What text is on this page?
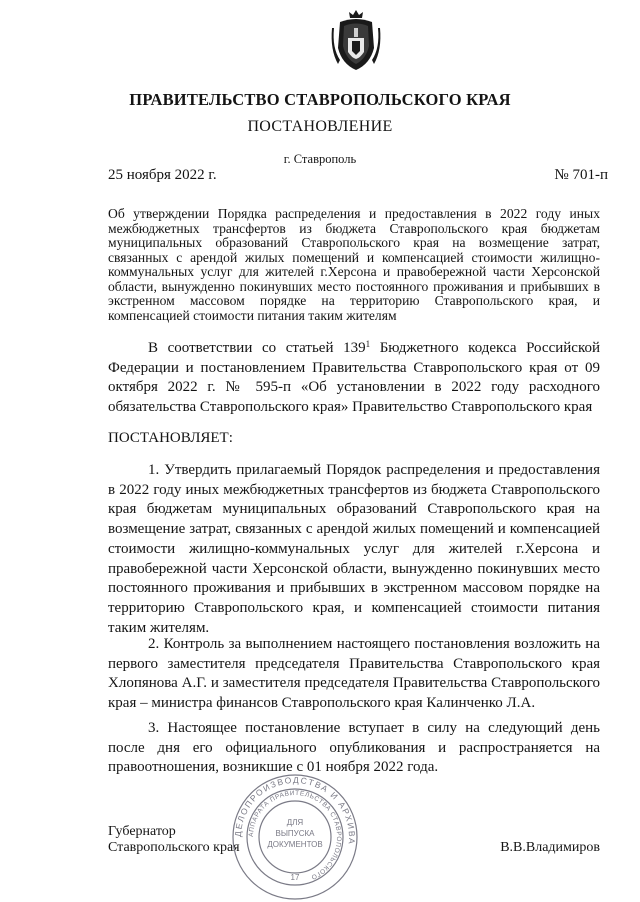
ПРАВИТЕЛЬСТВО СТАВРОПОЛЬСКОГО КРАЯ
ПОСТАНОВЛЕНИЕ
г. Ставрополь
25 ноября 2022 г.	№ 701-п
Об утверждении Порядка распределения и предоставления в 2022 году иных межбюджетных трансфертов из бюджета Ставропольского края бюджетам муниципальных образований Ставропольского края на возмещение затрат, связанных с арендой жилых помещений и компенсацией стоимости жилищно-коммунальных услуг для жителей г.Херсона и правобережной части Херсонской области, вынужденно покинувших место постоянного проживания и прибывших в экстренном массовом порядке на территорию Ставропольского края, и компенсацией стоимости питания таким жителям
В соответствии со статьей $139^1$ Бюджетного кодекса Российской Федерации и постановлением Правительства Ставропольского края от 09 октября 2022 г. № 595-п «Об установлении в 2022 году расходного обязательства Ставропольского края» Правительство Ставропольского края
ПОСТАНОВЛЯЕТ:
1. Утвердить прилагаемый Порядок распределения и предоставления в 2022 году иных межбюджетных трансфертов из бюджета Ставропольского края бюджетам муниципальных образований Ставропольского края на возмещение затрат, связанных с арендой жилых помещений и компенсацией стоимости жилищно-коммунальных услуг для жителей г.Херсона и правобережной части Херсонской области, вынужденно покинувших место постоянного проживания и прибывших в экстренном массовом порядке на территорию Ставропольского края, и компенсацией стоимости питания таким жителям.
2. Контроль за выполнением настоящего постановления возложить на первого заместителя председателя Правительства Ставропольского края Хлопянова А.Г. и заместителя председателя Правительства Ставропольского края – министра финансов Ставропольского края Калинченко Л.А.
3. Настоящее постановление вступает в силу на следующий день после дня его официального опубликования и распространяется на правоотношения, возникшие с 01 ноября 2022 года.
Губернатор
Ставропольского края	В.В.Владимиров
ДЕЛОПРОИЗВОДСТВА И АРХИВА
АППАРАТА ПРАВИТЕЛЬСТВА СТАВРОПОЛЬСКОГО
ДЛЯ
ВЫПУСКА
ДОКУМЕНТОВ
17
